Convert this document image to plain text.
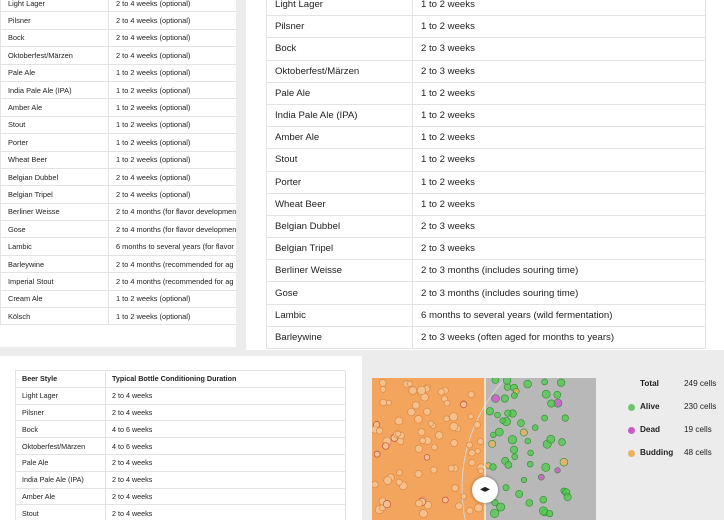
Light Lager	2 to 4 weeks (optional)
Pilsner	2 to 4 weeks (optional)
Bock	2 to 4 weeks (optional)
Oktoberfest/Märzen	2 to 4 weeks (optional)
Pale Ale	1 to 2 weeks (optional)
India Pale Ale (IPA)	1 to 2 weeks (optional)
Amber Ale	1 to 2 weeks (optional)
Stout	1 to 2 weeks (optional)
Porter	1 to 2 weeks (optional)
Wheat Beer	1 to 2 weeks (optional)
Belgian Dubbel	2 to 4 weeks (optional)
Belgian Tripel	2 to 4 weeks (optional)
Berliner Weisse	2 to 4 months (for flavor developmen
Gose	2 to 4 months (for flavor developmen
Lambic	6 months to several years (for flavor
Barleywine	2 to 4 months (recommended for ag
Imperial Stout	2 to 4 months (recommended for ag
Cream Ale	1 to 2 weeks (optional)
Kölsch	1 to 2 weeks (optional)
Light Lager	1 to 2 weeks
Pilsner	1 to 2 weeks
Bock	2 to 3 weeks
Oktoberfest/Märzen	2 to 3 weeks
Pale Ale	1 to 2 weeks
India Pale Ale (IPA)	1 to 2 weeks
Amber Ale	1 to 2 weeks
Stout	1 to 2 weeks
Porter	1 to 2 weeks
Wheat Beer	1 to 2 weeks
Belgian Dubbel	2 to 3 weeks
Belgian Tripel	2 to 3 weeks
Berliner Weisse	2 to 3 months (includes souring time)
Gose	2 to 3 months (includes souring time)
Lambic	6 months to several years (wild fermentation)
Barleywine	2 to 3 weeks (often aged for months to years)
Beer Style	Typical Bottle Conditioning Duration
Light Lager	2 to 4 weeks
Pilsner	2 to 4 weeks
Bock	4 to 6 weeks
Oktoberfest/Märzen	4 to 6 weeks
Pale Ale	2 to 4 weeks
India Pale Ale (IPA)	2 to 4 weeks
Amber Ale	2 to 4 weeks
Stout	2 to 4 weeks
◂▸
Total	249 cells
Alive	230 cells
Dead	19 cells
Budding 48 cells
